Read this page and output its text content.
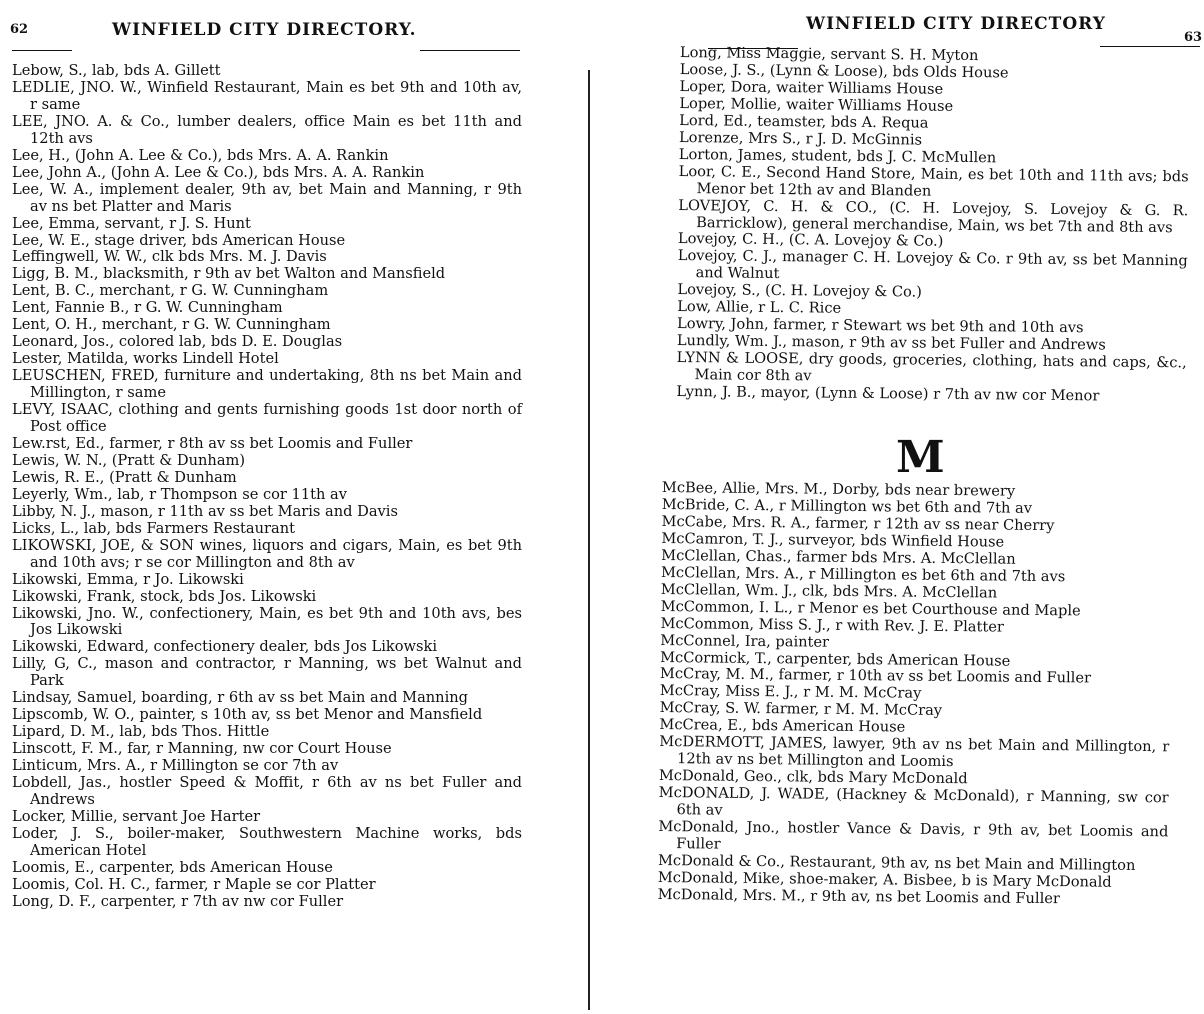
62	WINFIELD CITY DIRECTORY.

Lebow, S., lab, bds A. Gillett

LEDLIE, JNO. W., Winfield Restaurant, Main es bet 9th and 10th av, r same

LEE, JNO. A. & Co., lumber dealers, office Main es bet 11th and 12th avs

Lee, H., (John A. Lee & Co.), bds Mrs. A. A. Rankin

Lee, John A., (John A. Lee & Co.), bds Mrs. A. A. Rankin

Lee, W. A., implement dealer, 9th av, bet Main and Manning, r 9th av ns bet Platter and Maris

Lee, Emma, servant, r J. S. Hunt

Lee, W. E., stage driver, bds American House

Leffingwell, W. W., clk bds Mrs. M. J. Davis

Ligg, B. M., blacksmith, r 9th av bet Walton and Mansfield

Lent, B. C., merchant, r G. W. Cunningham

Lent, Fannie B., r G. W. Cunningham

Lent, O. H., merchant, r G. W. Cunningham

Leonard, Jos., colored lab, bds D. E. Douglas

Lester, Matilda, works Lindell Hotel

LEUSCHEN, FRED, furniture and undertaking, 8th ns bet Main and Millington, r same

LEVY, ISAAC, clothing and gents furnishing goods 1st door north of Post office

Lew.rst, Ed., farmer, r 8th av ss bet Loomis and Fuller

Lewis, W. N., (Pratt & Dunham)

Lewis, R. E., (Pratt & Dunham

Leyerly, Wm., lab, r Thompson se cor 11th av

Libby, N. J., mason, r 11th av ss bet Maris and Davis

Licks, L., lab, bds Farmers Restaurant

LIKOWSKI, JOE, & SON wines, liquors and cigars, Main, es bet 9th and 10th avs; r se cor Millington and 8th av

Likowski, Emma, r Jo. Likowski

Likowski, Frank, stock, bds Jos. Likowski

Likowski, Jno. W., confectionery, Main, es bet 9th and 10th avs, bes Jos Likowski

Likowski, Edward, confectionery dealer, bds Jos Likowski

Lilly, G, C., mason and contractor, r Manning, ws bet Walnut and Park

Lindsay, Samuel, boarding, r 6th av ss bet Main and Manning

Lipscomb, W. O., painter, s 10th av, ss bet Menor and Mansfield

Lipard, D. M., lab, bds Thos. Hittle

Linscott, F. M., far, r Manning, nw cor Court House

Linticum, Mrs. A., r Millington se cor 7th av

Lobdell, Jas., hostler Speed & Moffit, r 6th av ns bet Fuller and Andrews

Locker, Millie, servant Joe Harter

Loder, J. S., boiler-maker, Southwestern Machine works, bds American Hotel

Loomis, E., carpenter, bds American House

Loomis, Col. H. C., farmer, r Maple se cor Platter

Long, D. F., carpenter, r 7th av nw cor Fuller

WINFIELD CITY DIRECTORY
63

Long, Miss Maggie, servant S. H. Myton

Loose, J. S., (Lynn & Loose), bds Olds House

Loper, Dora, waiter Williams House

Loper, Mollie, waiter Williams House

Lord, Ed., teamster, bds A. Requa

Lorenze, Mrs S., r J. D. McGinnis

Lorton, James, student, bds J. C. McMullen

Loor, C. E., Second Hand Store, Main, es bet 10th and 11th avs; bds Menor bet 12th av and Blanden

LOVEJOY, C. H. & CO., (C. H. Lovejoy, S. Lovejoy & G. R. Barricklow), general merchandise, Main, ws bet 7th and 8th avs

Lovejoy, C. H., (C. A. Lovejoy & Co.)

Lovejoy, C. J., manager C. H. Lovejoy & Co. r 9th av, ss bet Manning and Walnut

Lovejoy, S., (C. H. Lovejoy & Co.)

Low, Allie, r L. C. Rice

Lowry, John, farmer, r Stewart ws bet 9th and 10th avs

Lundly, Wm. J., mason, r 9th av ss bet Fuller and Andrews

LYNN & LOOSE, dry goods, groceries, clothing, hats and caps, &c., Main cor 8th av

Lynn, J. B., mayor, (Lynn & Loose) r 7th av nw cor Menor

M

McBee, Allie, Mrs. M., Dorby, bds near brewery

McBride, C. A., r Millington ws bet 6th and 7th av

McCabe, Mrs. R. A., farmer, r 12th av ss near Cherry

McCamron, T. J., surveyor, bds Winfield House

McClellan, Chas., farmer bds Mrs. A. McClellan

McClellan, Mrs. A., r Millington es bet 6th and 7th avs

McClellan, Wm. J., clk, bds Mrs. A. McClellan

McCommon, I. L., r Menor es bet Courthouse and Maple

McCommon, Miss S. J., r with Rev. J. E. Platter

McConnel, Ira, painter

McCormick, T., carpenter, bds American House

McCray, M. M., farmer, r 10th av ss bet Loomis and Fuller

McCray, Miss E. J., r M. M. McCray

McCray, S. W. farmer, r M. M. McCray

McCrea, E., bds American House

McDERMOTT, JAMES, lawyer, 9th av ns bet Main and Millington, r 12th av ns bet Millington and Loomis

McDonald, Geo., clk, bds Mary McDonald

McDONALD, J. WADE, (Hackney & McDonald), r Manning, sw cor 6th av

McDonald, Jno., hostler Vance & Davis, r 9th av, bet Loomis and Fuller

McDonald & Co., Restaurant, 9th av, ns bet Main and Millington

McDonald, Mike, shoe-maker, A. Bisbee, b is Mary McDonald

McDonald, Mrs. M., r 9th av, ns bet Loomis and Fuller
